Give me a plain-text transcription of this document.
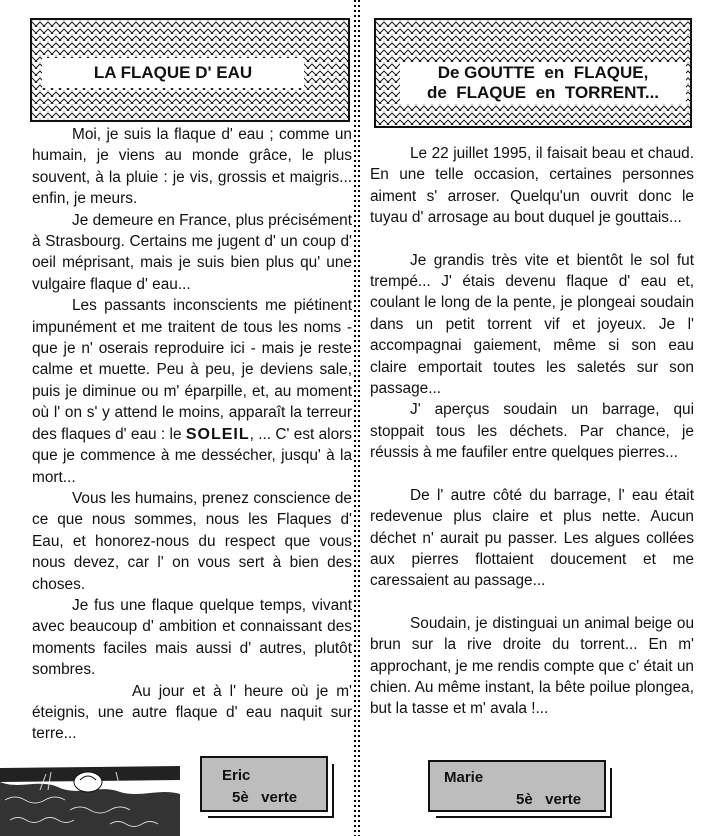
LA FLAQUE D' EAU

Moi, je suis la flaque d' eau ; comme un humain, je viens au monde grâce, le plus souvent, à la pluie : je vis, grossis et maigris... enfin, je meurs.

Je demeure en France, plus précisément à Strasbourg. Certains me jugent d' un coup d' oeil méprisant, mais je suis bien plus qu' une vulgaire flaque d' eau...

Les passants inconscients me piétinent impunément et me traitent de tous les noms - que je n' oserais reproduire ici - mais je reste calme et muette. Peu à peu, je deviens sale, puis je diminue ou m' éparpille, et, au moment où l' on s' y attend le moins, apparaît la terreur des flaques d' eau : le SOLEIL, ... C' est alors que je commence à me dessécher, jusqu' à la mort...

Vous les humains, prenez conscience de ce que nous sommes, nous les Flaques d' Eau, et honorez-nous du respect que vous nous devez, car l' on vous sert à bien des choses.

Je fus une flaque quelque temps, vivant avec beaucoup d' ambition et connaissant des moments faciles mais aussi d' autres, plutôt sombres.

Au jour et à l' heure où je m' éteignis, une autre flaque d' eau naquit sur terre...

Eric
5è   verte
De GOUTTE  en  FLAQUE,
de  FLAQUE  en  TORRENT...

Le 22 juillet 1995, il faisait beau et chaud. En une telle occasion, certaines personnes aiment s' arroser. Quelqu'un ouvrit donc le tuyau d' arrosage au bout duquel je gouttais...

Je grandis très vite et bientôt le sol fut trempé... J' étais devenu flaque d' eau et, coulant le long de la pente, je plongeai soudain dans un petit torrent vif et joyeux. Je l' accompagnai gaiement, même si son eau claire emportait toutes les saletés sur son passage...

J' aperçus soudain un barrage, qui stoppait tous les déchets. Par chance, je réussis à me faufiler entre quelques pierres...

De l' autre côté du barrage, l' eau était redevenue plus claire et plus nette. Aucun déchet n' aurait pu passer. Les algues collées aux pierres flottaient doucement et me caressaient au passage...

Soudain, je distinguai un animal beige ou brun sur la rive droite du torrent... En m' approchant, je me rendis compte que c' était un chien. Au même instant, la bête poilue plongea, but la tasse et m' avala !...

Marie
5è   verte
